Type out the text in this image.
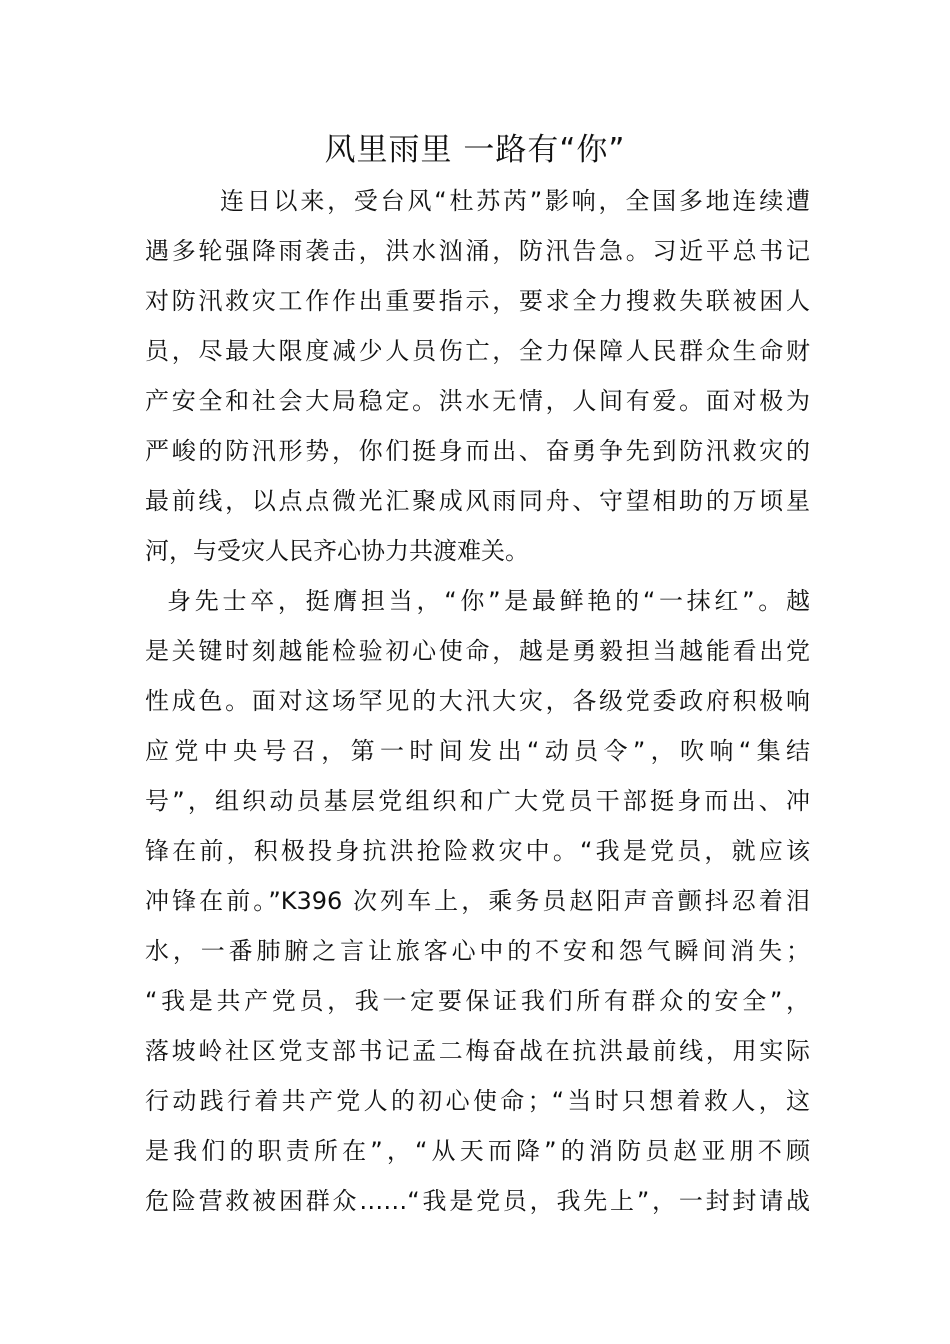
风里雨里 一路有“你”
连日以来，受台风“杜苏芮”影响，全国多地连续遭
遇多轮强降雨袭击，洪水汹涌，防汛告急。习近平总书记
对防汛救灾工作作出重要指示，要求全力搜救失联被困人
员，尽最大限度减少人员伤亡，全力保障人民群众生命财
产安全和社会大局稳定。洪水无情，人间有爱。面对极为
严峻的防汛形势，你们挺身而出、奋勇争先到防汛救灾的
最前线，以点点微光汇聚成风雨同舟、守望相助的万顷星
河，与受灾人民齐心协力共渡难关。
身先士卒，挺膺担当，“你”是最鲜艳的“一抹红”。越
是关键时刻越能检验初心使命，越是勇毅担当越能看出党
性成色。面对这场罕见的大汛大灾，各级党委政府积极响
应党中央号召，第一时间发出“动员令”，吹响“集结
号”，组织动员基层党组织和广大党员干部挺身而出、冲
锋在前，积极投身抗洪抢险救灾中。“我是党员，就应该
冲锋在前。”K396 次列车上，乘务员赵阳声音颤抖忍着泪
水，一番肺腑之言让旅客心中的不安和怨气瞬间消失；
“我是共产党员，我一定要保证我们所有群众的安全”，
落坡岭社区党支部书记孟二梅奋战在抗洪最前线，用实际
行动践行着共产党人的初心使命；“当时只想着救人，这
是我们的职责所在”，“从天而降”的消防员赵亚朋不顾
危险营救被困群众……“我是党员，我先上”，一封封请战
